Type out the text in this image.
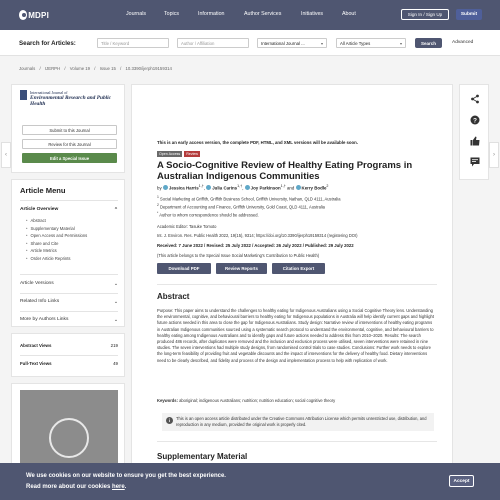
MDPI	Journals	Topics	Information	Author Services	Initiatives	About	Sign In / Sign Up	Submit
Search for Articles:	Title / Keyword	Author / Affiliation	International Journal ...	▾	All Article Types	▾	Search	Advanced
Journals / IJERPH / Volume 19 / Issue 15 / 10.3390/ijerph19159314
International Journal of
Environmental Research and Public Health
Submit to this Journal
Review for this Journal
Edit a Special Issue
Article Menu
Article Overview	⌃
• Abstract
• Supplementary Material
• Open Access and Permissions
• Share and Cite
• Article Metrics
• Order Article Reprints
Article Versions	⌄
Related Info Links	⌄
More by Authors Links	⌄
Abstract Views	219
Full-Text Views	49
This is an early access version, the complete PDF, HTML, and XML versions will be available soon.
Open Access	Review
A Socio-Cognitive Review of Healthy Eating Programs in Australian Indigenous Communities
by Jessica Harris$^{1,\dagger}$, Julia Carins$^{1,\dagger}$, Joy Parkinson$^{1,\dagger}$ and Kerry Bodle$^2$
$^1$ Social Marketing at Griffith, Griffith Business School, Griffith University, Nathan, QLD 4111, Australia
$^2$ Department of Accounting and Finance, Griffith University, Gold Coast, QLD 4111, Australia
* Author to whom correspondence should be addressed.
Academic Editor: Tasuke Tomoto
Int. J. Environ. Res. Public Health 2022, 19(15), 9314; https://doi.org/10.3390/ijerph19159314 (registering DOI)
Received: 7 June 2022 / Revised: 25 July 2022 / Accepted: 26 July 2022 / Published: 29 July 2022
(This article belongs to the Special Issue Social Marketing's Contribution to Public Health)
Download PDF	Review Reports	Citation Export
Abstract
Purpose: This paper aims to understand the challenges to healthy eating for Indigenous Australians using a Social Cognitive Theory lens. Understanding the environmental, cognitive, and behavioural barriers to healthy eating for Indigenous populations in Australia will help identify current gaps and highlight future actions needed in this area to close the gap for Indigenous Australians. Study design: Narrative review of interventions of healthy eating programs in Australian Indigenous communities sourced using a systematic search protocol to understand the environmental, cognitive, and behavioural barriers to healthy eating among Indigenous Australians and to identify gaps and future actions needed to address this from 2010–2020. Results: The search produced 486 records, after duplicates were removed and the inclusion and exclusion process were utilised, seven interventions were retained in nine studies. The seven interventions had multiple study designs, from randomised control trials to case studies. Conclusions: Further work needs to explore the long-term feasibility of providing fruit and vegetable discounts and the impact of interventions for the delivery of healthy food. Dietary interventions need to be clearly described, and fidelity and process of the design and implementation process to help with replication of work.
Keywords: aboriginal; indigenous Australians; nutrition; nutrition education; social cognitive theory
i	This is an open access article distributed under the Creative Commons Attribution License which permits unrestricted use, distribution, and reproduction in any medium, provided the original work is properly cited.
Supplementary Material
?
‹	›
We use cookies on our website to ensure you get the best experience.
Read more about our cookies here.
Accept
